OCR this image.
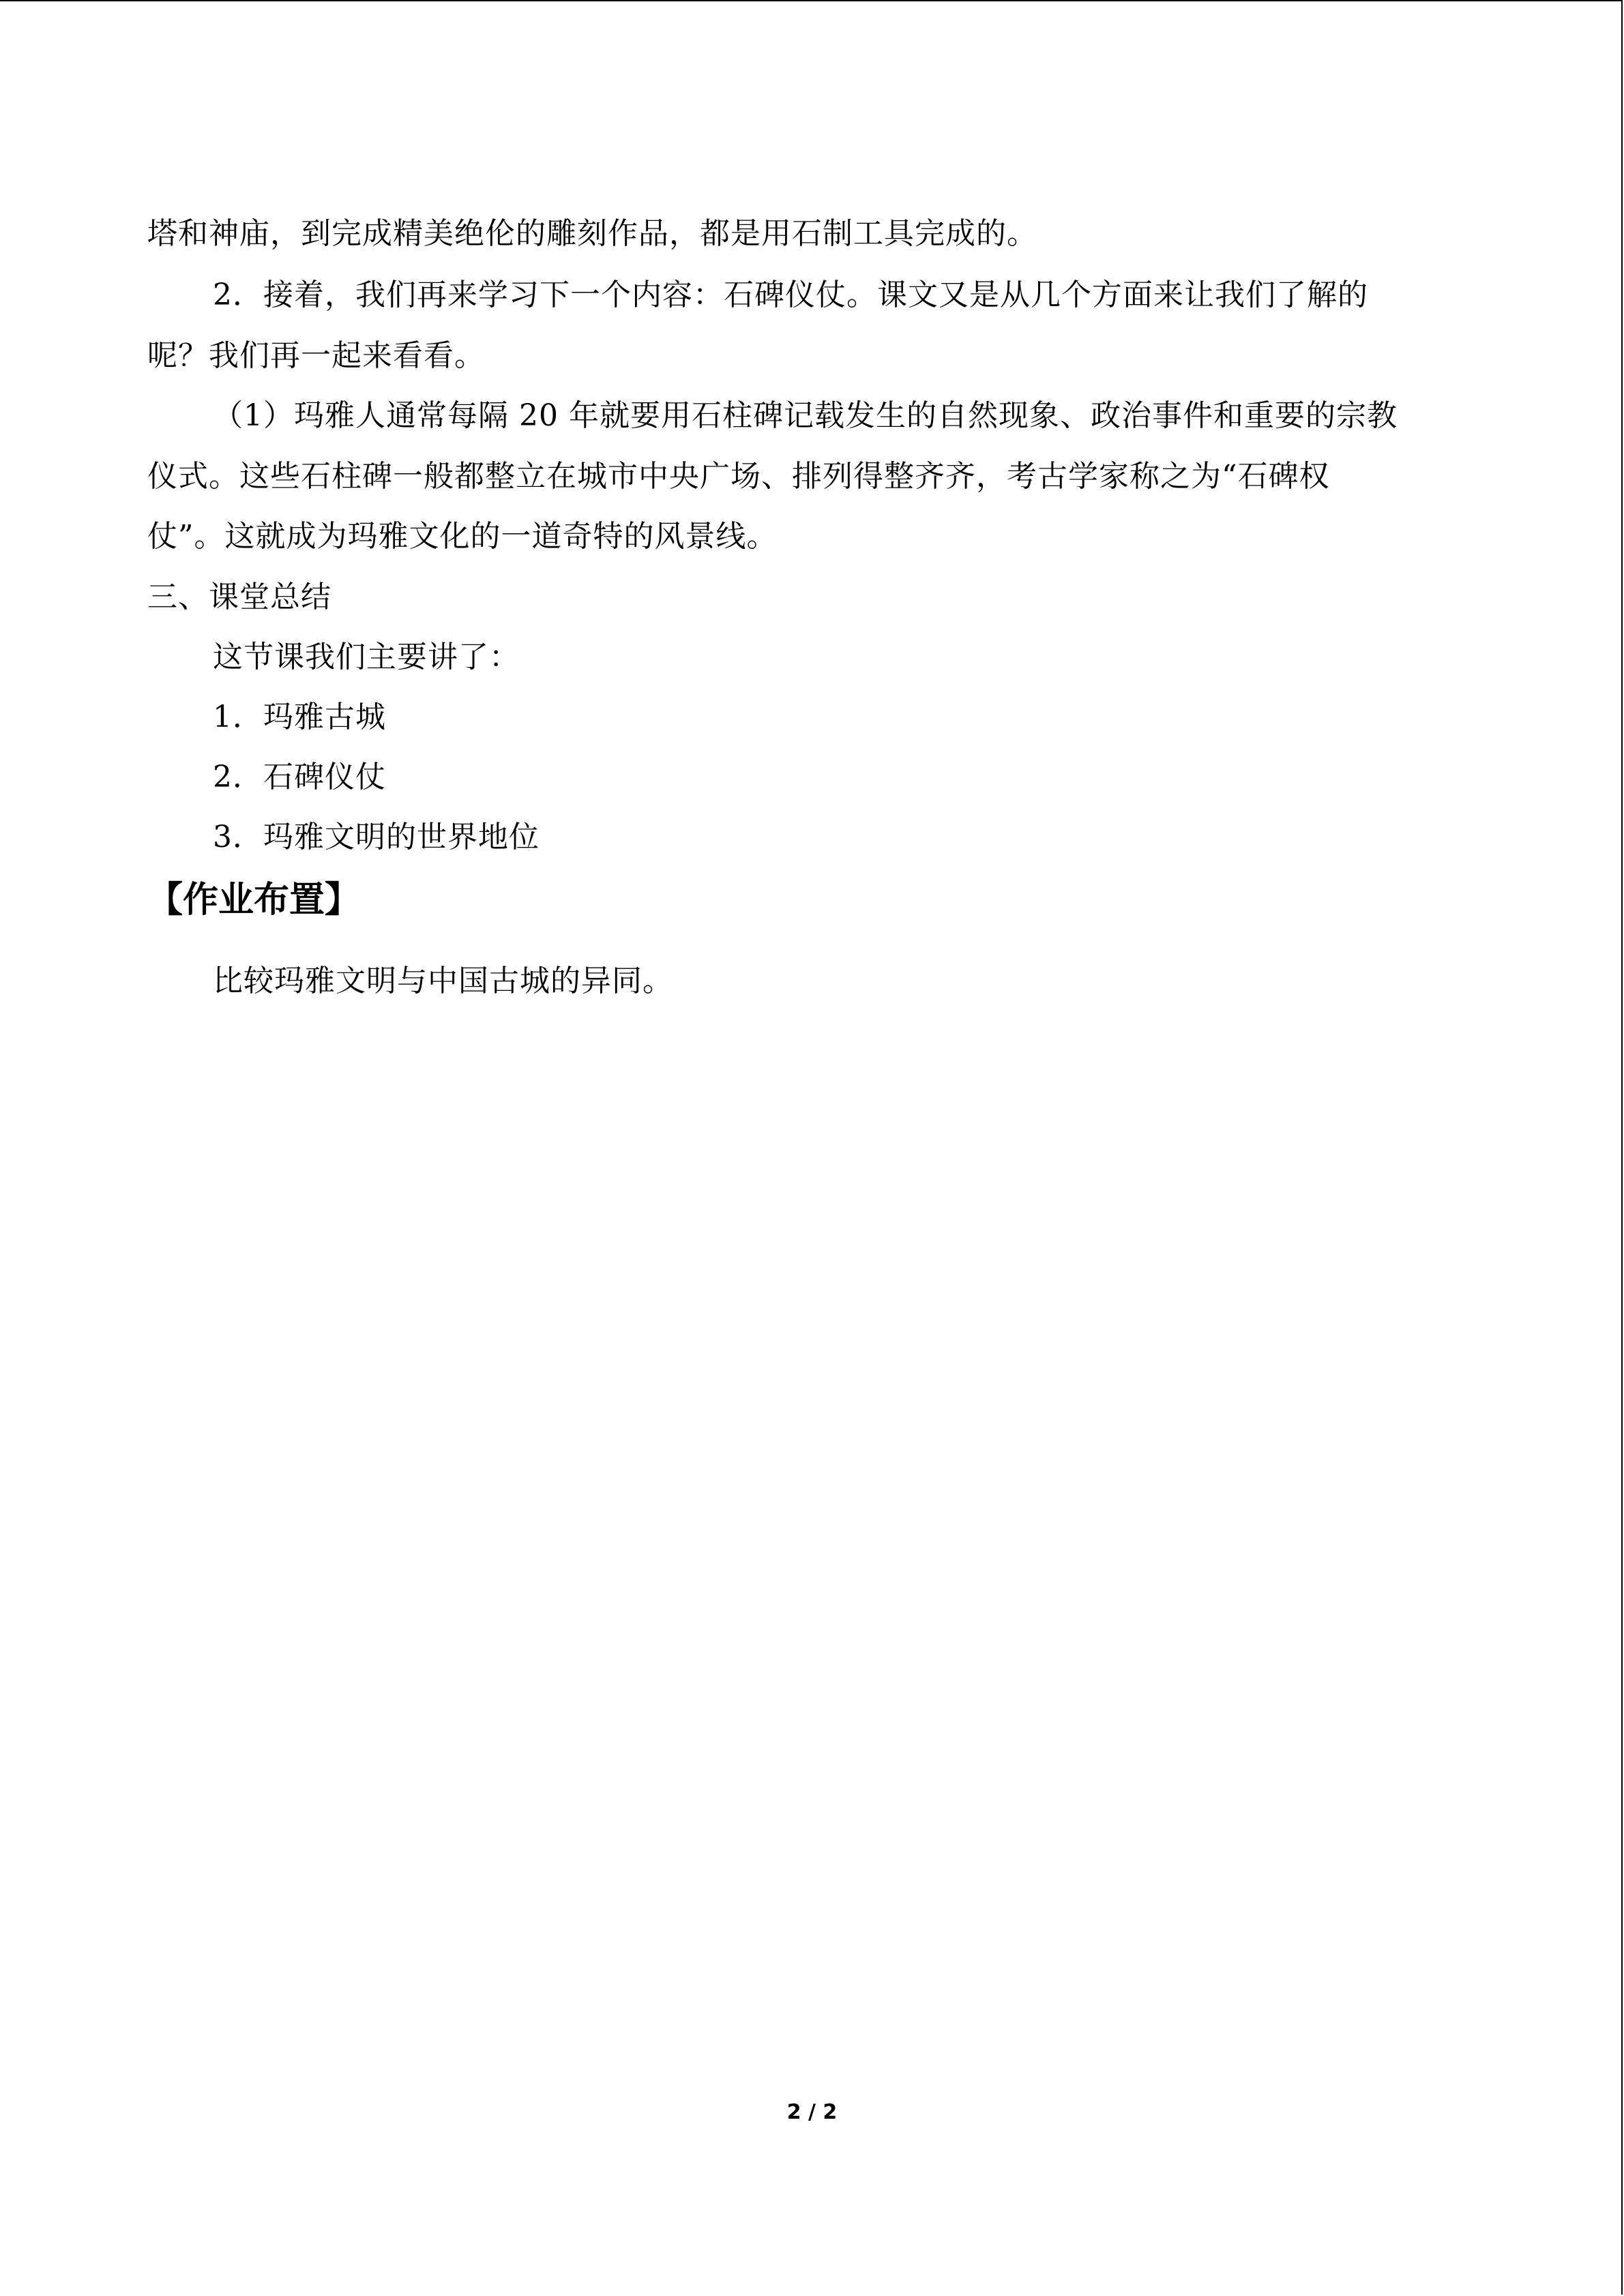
塔和神庙，到完成精美绝伦的雕刻作品，都是用石制工具完成的。
2．接着，我们再来学习下一个内容：石碑仪仗。课文又是从几个方面来让我们了解的
呢？我们再一起来看看。
（1）玛雅人通常每隔 20 年就要用石柱碑记载发生的自然现象、政治事件和重要的宗教
仪式。这些石柱碑一般都整立在城市中央广场、排列得整齐齐，考古学家称之为“石碑权
仗”。这就成为玛雅文化的一道奇特的风景线。
三、课堂总结
这节课我们主要讲了：
1．玛雅古城
2．石碑仪仗
3．玛雅文明的世界地位
【作业布置】
比较玛雅文明与中国古城的异同。
2 / 2
